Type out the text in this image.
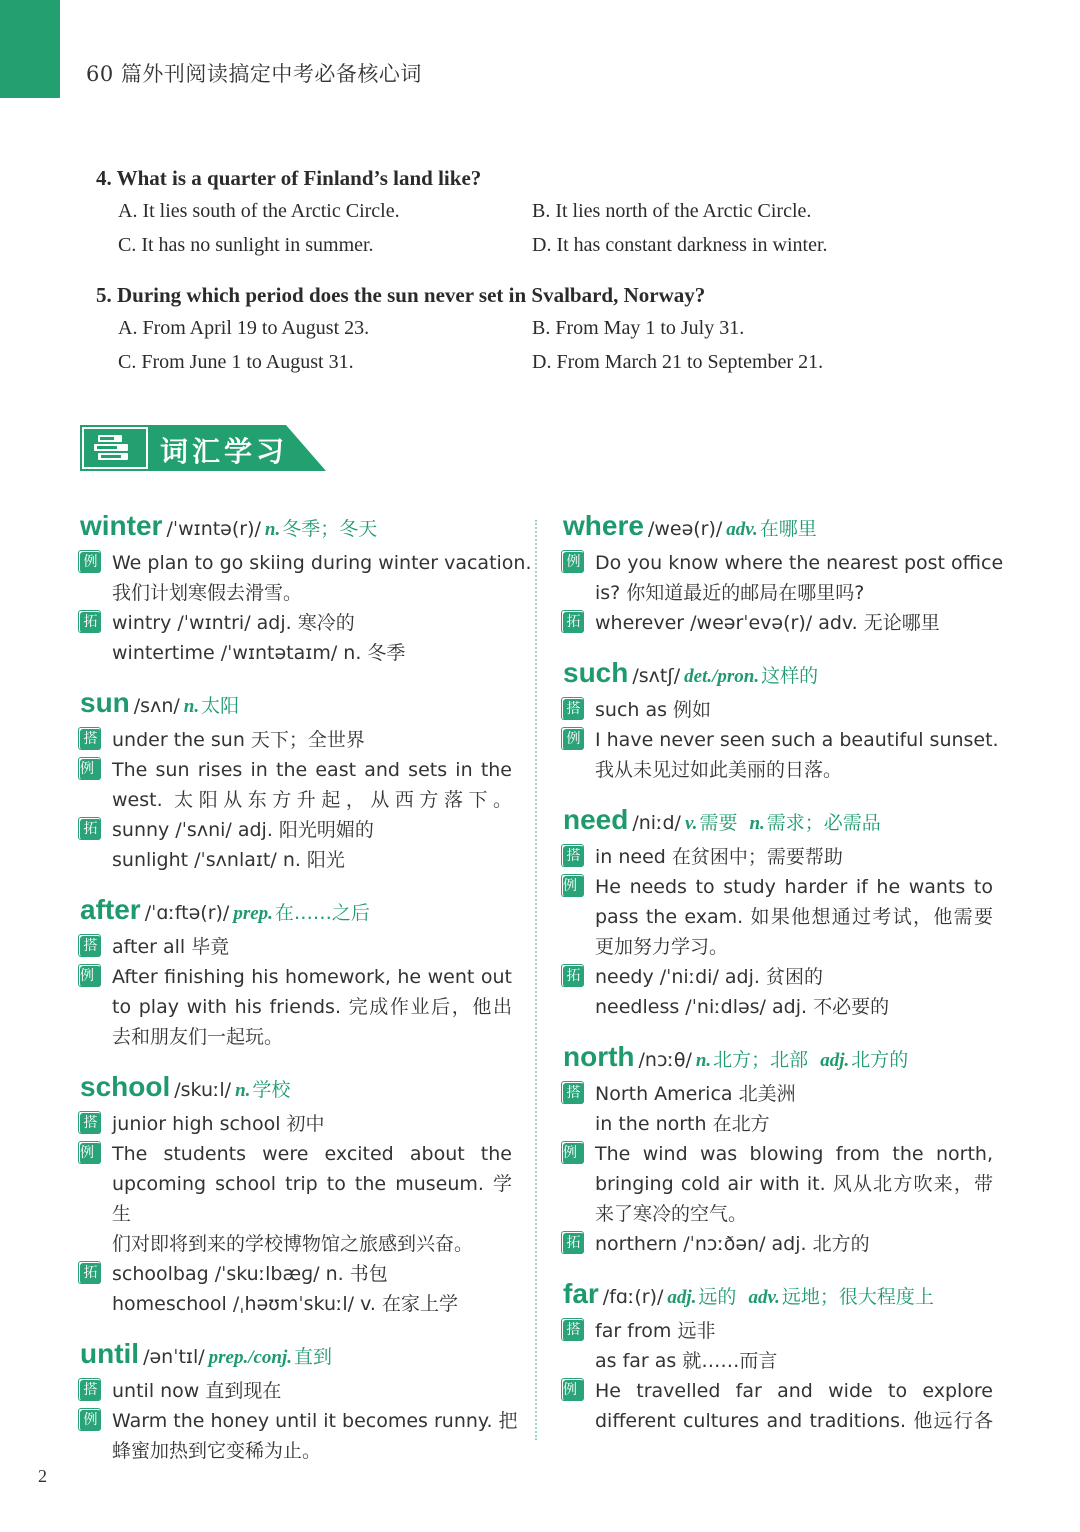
60 篇外刊阅读搞定中考必备核心词
4. What is a quarter of Finland’s land like?
A. It lies south of the Arctic Circle.	B. It lies north of the Arctic Circle.
C. It has no sunlight in summer.	D. It has constant darkness in winter.
5. During which period does the sun never set in Svalbard, Norway?
A. From April 19 to August 23.	B. From May 1 to July 31.
C. From June 1 to August 31.	D. From March 21 to September 21.
词汇学习
winter /ˈwɪntə(r)/ n. 冬季；冬天
例 We plan to go skiing during winter vacation.
我们计划寒假去滑雪。
拓 wintry /ˈwɪntri/ adj. 寒冷的
wintertime /ˈwɪntətaɪm/ n. 冬季
sun /sʌn/ n. 太阳
搭 under the sun 天下；全世界
例 The sun rises in the east and sets in the
west. 太阳从东方升起，从西方落下。
拓 sunny /ˈsʌni/ adj. 阳光明媚的
sunlight /ˈsʌnlaɪt/ n. 阳光
after /ˈɑːftə(r)/ prep. 在……之后
搭 after all 毕竟
例 After finishing his homework, he went out
to play with his friends. 完成作业后，他出
去和朋友们一起玩。
school /skuːl/ n. 学校
搭 junior high school 初中
例 The students were excited about the
upcoming school trip to the museum. 学生
们对即将到来的学校博物馆之旅感到兴奋。
拓 schoolbag /ˈskuːlbæɡ/ n. 书包
homeschool /ˌhəʊmˈskuːl/ v. 在家上学
until /ənˈtɪl/ prep./conj. 直到
搭 until now 直到现在
例 Warm the honey until it becomes runny. 把
蜂蜜加热到它变稀为止。
where /weə(r)/ adv. 在哪里
例 Do you know where the nearest post office
is? 你知道最近的邮局在哪里吗?
拓 wherever /weərˈevə(r)/ adv. 无论哪里
such /sʌtʃ/ det./pron. 这样的
搭 such as 例如
例 I have never seen such a beautiful sunset.
我从未见过如此美丽的日落。
need /niːd/ v. 需要 n. 需求；必需品
搭 in need 在贫困中；需要帮助
例 He needs to study harder if he wants to
pass the exam. 如果他想通过考试，他需要
更加努力学习。
拓 needy /ˈniːdi/ adj. 贫困的
needless /ˈniːdləs/ adj. 不必要的
north /nɔːθ/ n. 北方；北部 adj. 北方的
搭 North America 北美洲
in the north 在北方
例 The wind was blowing from the north,
bringing cold air with it. 风从北方吹来，带
来了寒冷的空气。
拓 northern /ˈnɔːðən/ adj. 北方的
far /fɑː(r)/ adj. 远的 adv. 远地；很大程度上
搭 far from 远非
as far as 就……而言
例 He travelled far and wide to explore
different cultures and traditions. 他远行各
2
